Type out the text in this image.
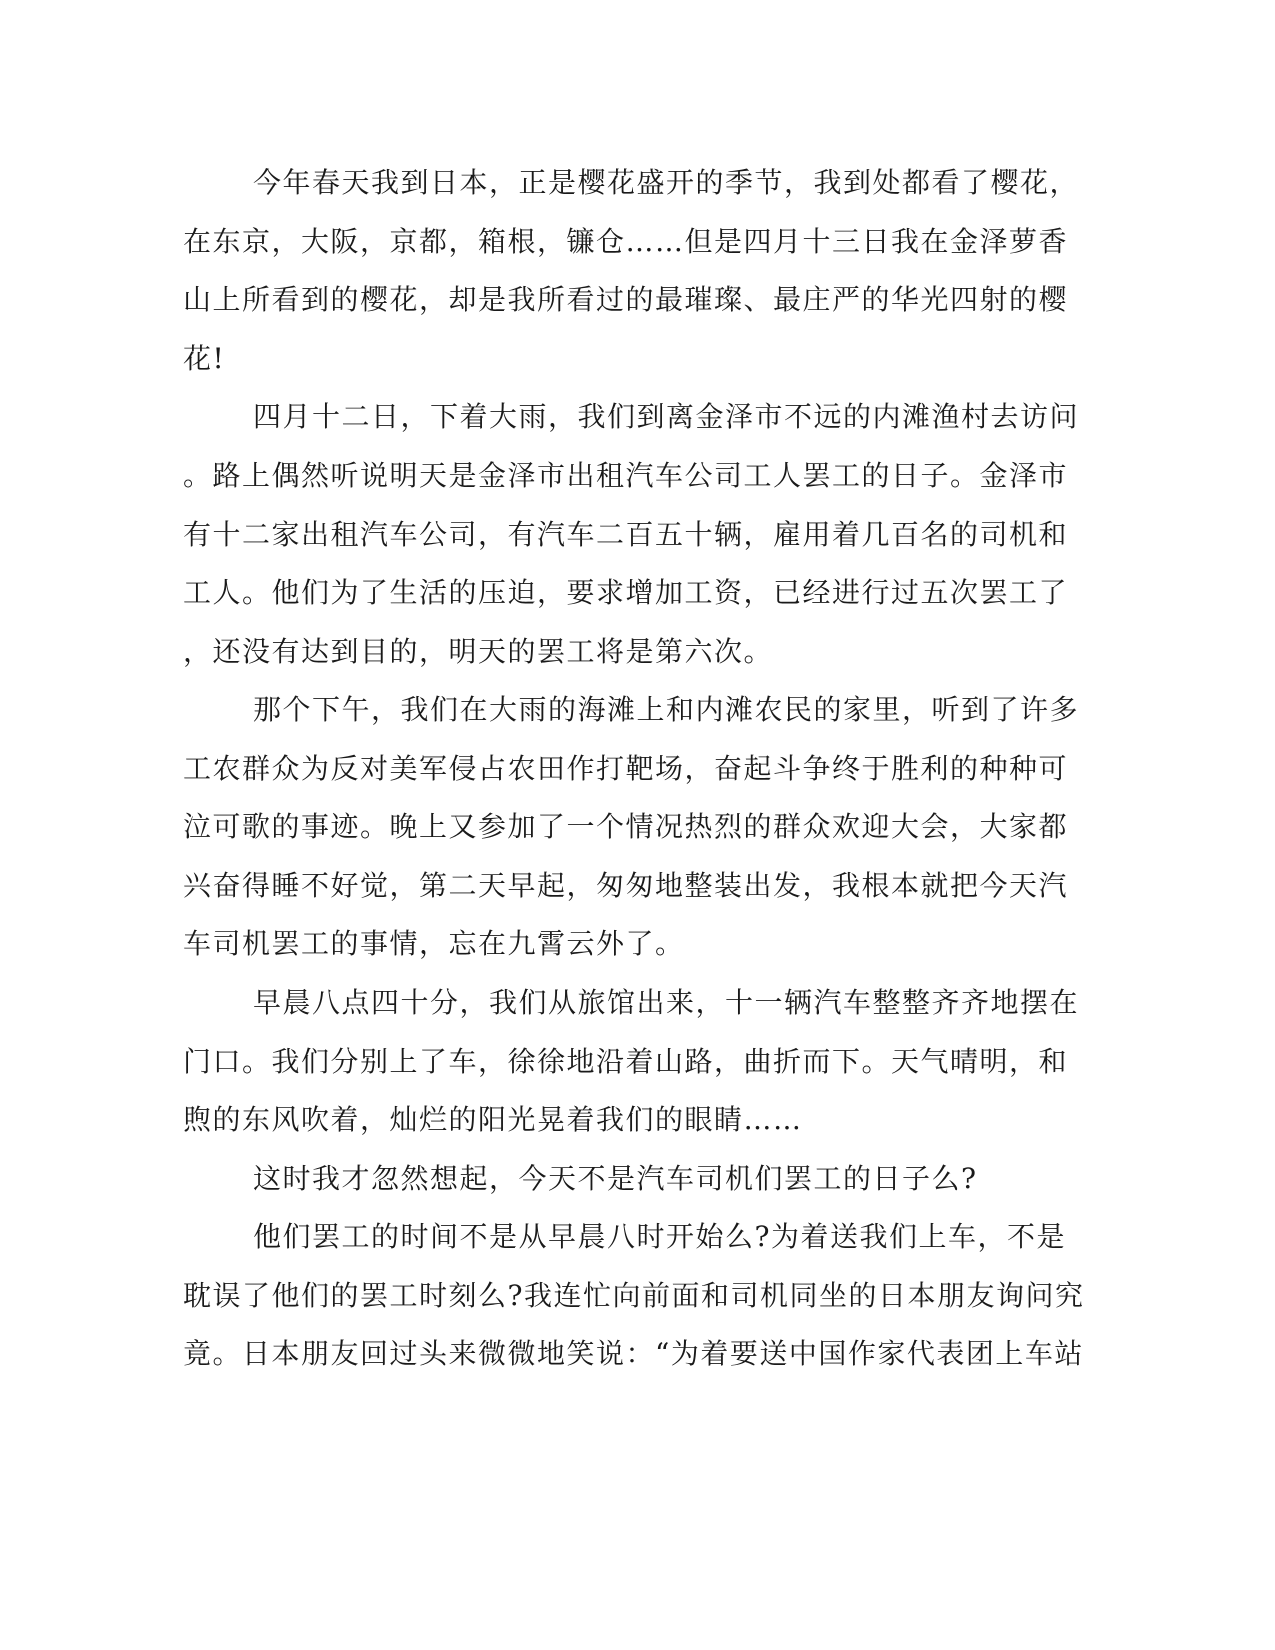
今年春天我到日本，正是樱花盛开的季节，我到处都看了樱花，
在东京，大阪，京都，箱根，镰仓……但是四月十三日我在金泽萝香
山上所看到的樱花，却是我所看过的最璀璨、最庄严的华光四射的樱
花!
四月十二日，下着大雨，我们到离金泽市不远的内滩渔村去访问
。路上偶然听说明天是金泽市出租汽车公司工人罢工的日子。金泽市
有十二家出租汽车公司，有汽车二百五十辆，雇用着几百名的司机和
工人。他们为了生活的压迫，要求增加工资，已经进行过五次罢工了
，还没有达到目的，明天的罢工将是第六次。
那个下午，我们在大雨的海滩上和内滩农民的家里，听到了许多
工农群众为反对美军侵占农田作打靶场，奋起斗争终于胜利的种种可
泣可歌的事迹。晚上又参加了一个情况热烈的群众欢迎大会，大家都
兴奋得睡不好觉，第二天早起，匆匆地整装出发，我根本就把今天汽
车司机罢工的事情，忘在九霄云外了。
早晨八点四十分，我们从旅馆出来，十一辆汽车整整齐齐地摆在
门口。我们分别上了车，徐徐地沿着山路，曲折而下。天气晴明，和
煦的东风吹着，灿烂的阳光晃着我们的眼睛……
这时我才忽然想起，今天不是汽车司机们罢工的日子么?
他们罢工的时间不是从早晨八时开始么?为着送我们上车，不是
耽误了他们的罢工时刻么?我连忙向前面和司机同坐的日本朋友询问究
竟。日本朋友回过头来微微地笑说：“为着要送中国作家代表团上车站
